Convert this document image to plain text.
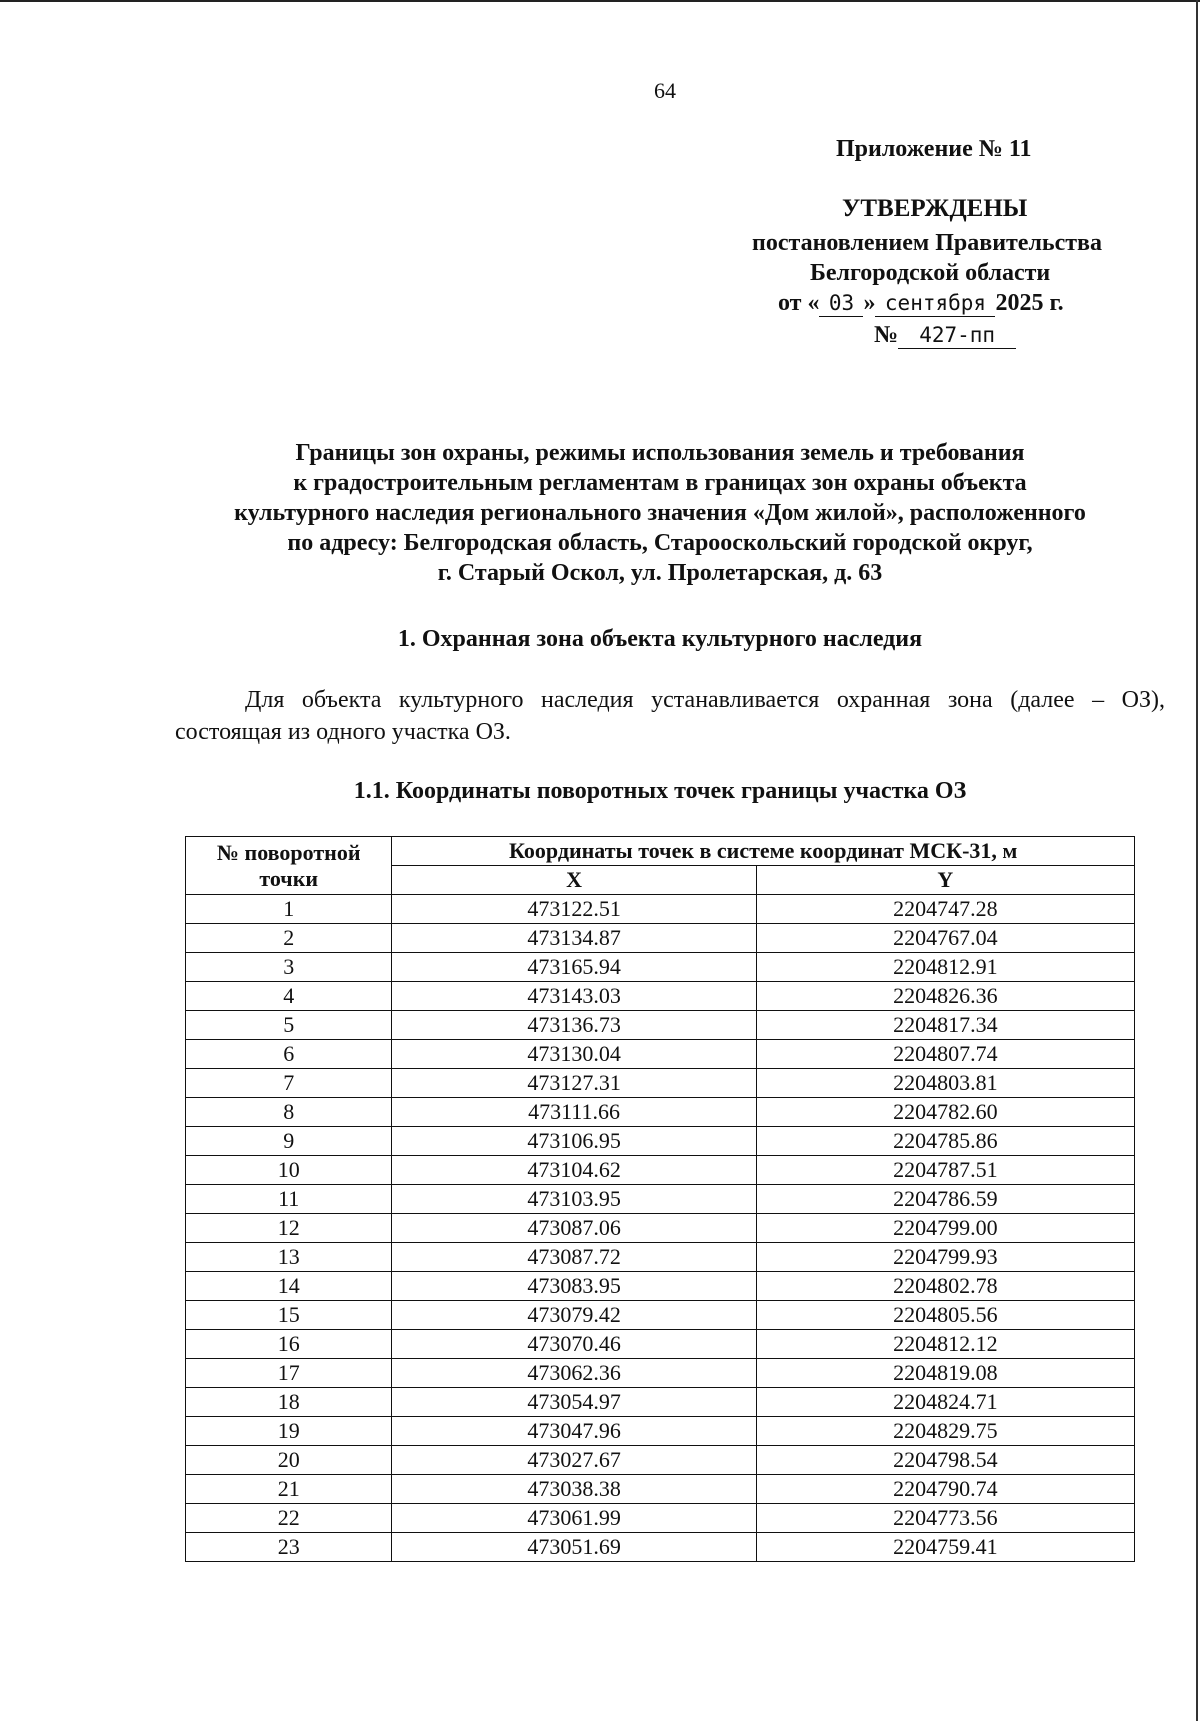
64
Приложение № 11
УТВЕРЖДЕНЫ
постановлением Правительства
Белгородской области
от « 03 » сентября 2025 г.
№ 427-пп
Границы зон охраны, режимы использования земель и требования
к градостроительным регламентам в границах зон охраны объекта
культурного наследия регионального значения «Дом жилой», расположенного
по адресу: Белгородская область, Старооскольский городской округ,
г. Старый Оскол, ул. Пролетарская, д. 63
1. Охранная зона объекта культурного наследия
Для объекта культурного наследия устанавливается охранная зона (далее – ОЗ), состоящая из одного участка ОЗ.
1.1. Координаты поворотных точек границы участка ОЗ
№ поворотной точки	Координаты точек в системе координат МСК-31, м	
	X	Y
1	473122.51	2204747.28
2	473134.87	2204767.04
3	473165.94	2204812.91
4	473143.03	2204826.36
5	473136.73	2204817.34
6	473130.04	2204807.74
7	473127.31	2204803.81
8	473111.66	2204782.60
9	473106.95	2204785.86
10	473104.62	2204787.51
11	473103.95	2204786.59
12	473087.06	2204799.00
13	473087.72	2204799.93
14	473083.95	2204802.78
15	473079.42	2204805.56
16	473070.46	2204812.12
17	473062.36	2204819.08
18	473054.97	2204824.71
19	473047.96	2204829.75
20	473027.67	2204798.54
21	473038.38	2204790.74
22	473061.99	2204773.56
23	473051.69	2204759.41
